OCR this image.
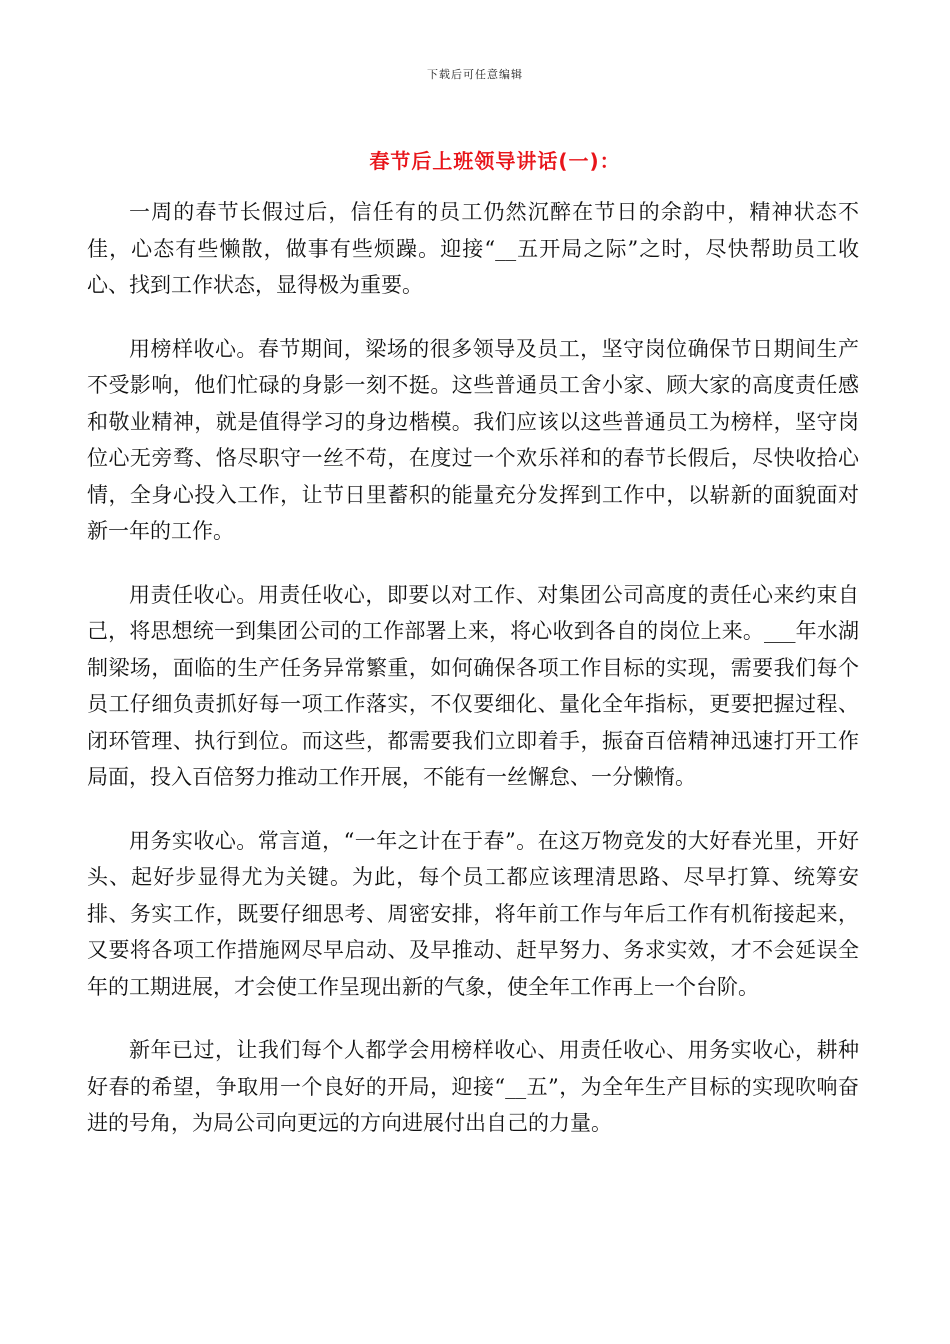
下载后可任意编辑
春节后上班领导讲话(一)：

一周的春节长假过后，信任有的员工仍然沉醉在节日的余韵中，精神状态不佳，心态有些懒散，做事有些烦躁。迎接“__五开局之际”之时，尽快帮助员工收心、找到工作状态，显得极为重要。

用榜样收心。春节期间，梁场的很多领导及员工，坚守岗位确保节日期间生产不受影响，他们忙碌的身影一刻不挺。这些普通员工舍小家、顾大家的高度责任感和敬业精神，就是值得学习的身边楷模。我们应该以这些普通员工为榜样，坚守岗位心无旁骛、恪尽职守一丝不苟，在度过一个欢乐祥和的春节长假后，尽快收拾心情，全身心投入工作，让节日里蓄积的能量充分发挥到工作中，以崭新的面貌面对新一年的工作。

用责任收心。用责任收心，即要以对工作、对集团公司高度的责任心来约束自己，将思想统一到集团公司的工作部署上来，将心收到各自的岗位上来。___年水湖制梁场，面临的生产任务异常繁重，如何确保各项工作目标的实现，需要我们每个员工仔细负责抓好每一项工作落实，不仅要细化、量化全年指标，更要把握过程、闭环管理、执行到位。而这些，都需要我们立即着手，振奋百倍精神迅速打开工作局面，投入百倍努力推动工作开展，不能有一丝懈怠、一分懒惰。

用务实收心。常言道，“一年之计在于春”。在这万物竞发的大好春光里，开好头、起好步显得尤为关键。为此，每个员工都应该理清思路、尽早打算、统筹安排、务实工作，既要仔细思考、周密安排，将年前工作与年后工作有机衔接起来，又要将各项工作措施网尽早启动、及早推动、赶早努力、务求实效，才不会延误全年的工期进展，才会使工作呈现出新的气象，使全年工作再上一个台阶。

新年已过，让我们每个人都学会用榜样收心、用责任收心、用务实收心，耕种好春的希望，争取用一个良好的开局，迎接“__五”，为全年生产目标的实现吹响奋进的号角，为局公司向更远的方向进展付出自己的力量。
